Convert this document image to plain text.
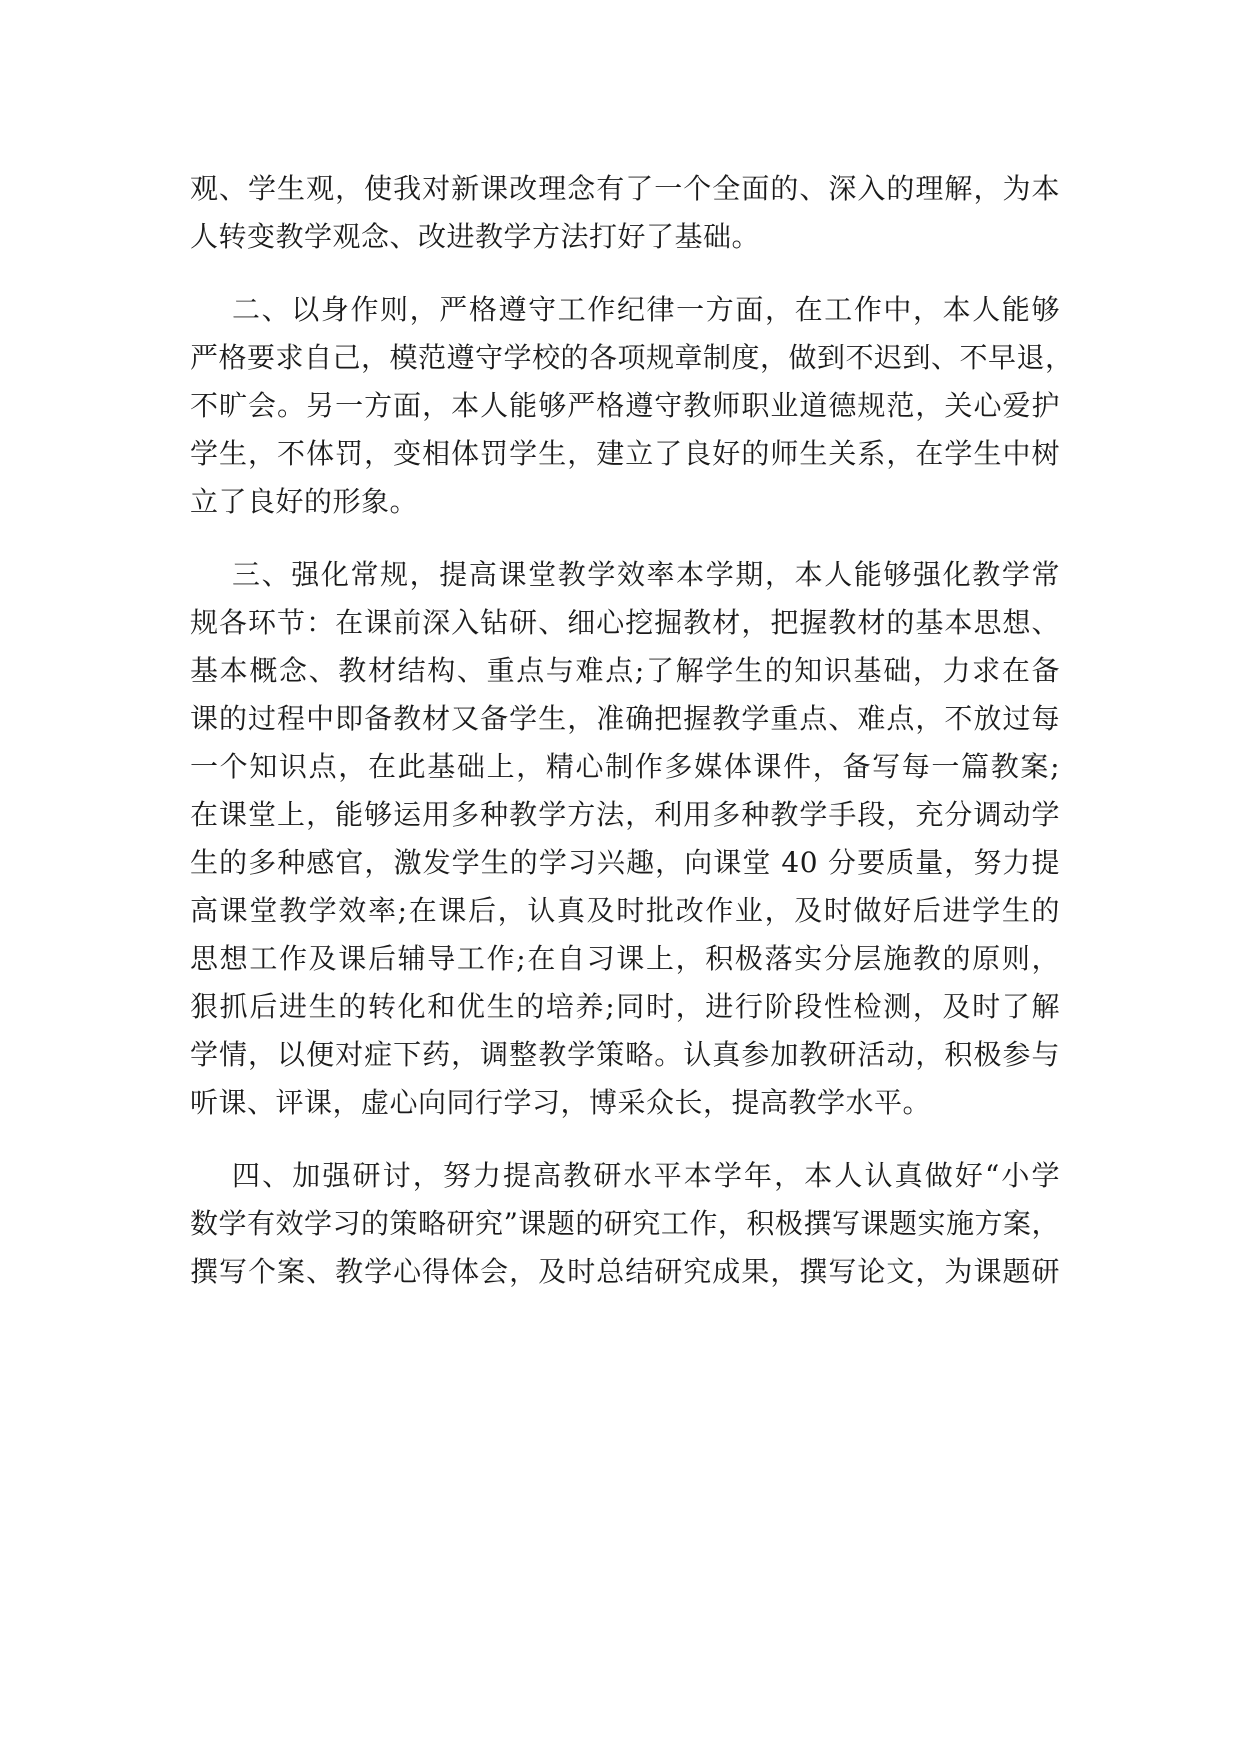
观、学生观，使我对新课改理念有了一个全面的、深入的理解，为本
人转变教学观念、改进教学方法打好了基础。
二、以身作则，严格遵守工作纪律一方面，在工作中，本人能够
严格要求自己，模范遵守学校的各项规章制度，做到不迟到、不早退，
不旷会。另一方面，本人能够严格遵守教师职业道德规范，关心爱护
学生，不体罚，变相体罚学生，建立了良好的师生关系，在学生中树
立了良好的形象。
三、强化常规，提高课堂教学效率本学期，本人能够强化教学常
规各环节：在课前深入钻研、细心挖掘教材，把握教材的基本思想、
基本概念、教材结构、重点与难点;了解学生的知识基础，力求在备
课的过程中即备教材又备学生，准确把握教学重点、难点，不放过每
一个知识点，在此基础上，精心制作多媒体课件，备写每一篇教案;
在课堂上，能够运用多种教学方法，利用多种教学手段，充分调动学
生的多种感官，激发学生的学习兴趣，向课堂 40 分要质量，努力提
高课堂教学效率;在课后，认真及时批改作业，及时做好后进学生的
思想工作及课后辅导工作;在自习课上，积极落实分层施教的原则，
狠抓后进生的转化和优生的培养;同时，进行阶段性检测，及时了解
学情，以便对症下药，调整教学策略。认真参加教研活动，积极参与
听课、评课，虚心向同行学习，博采众长，提高教学水平。
四、加强研讨，努力提高教研水平本学年，本人认真做好“小学
数学有效学习的策略研究”课题的研究工作，积极撰写课题实施方案，
撰写个案、教学心得体会，及时总结研究成果，撰写论文，为课题研
